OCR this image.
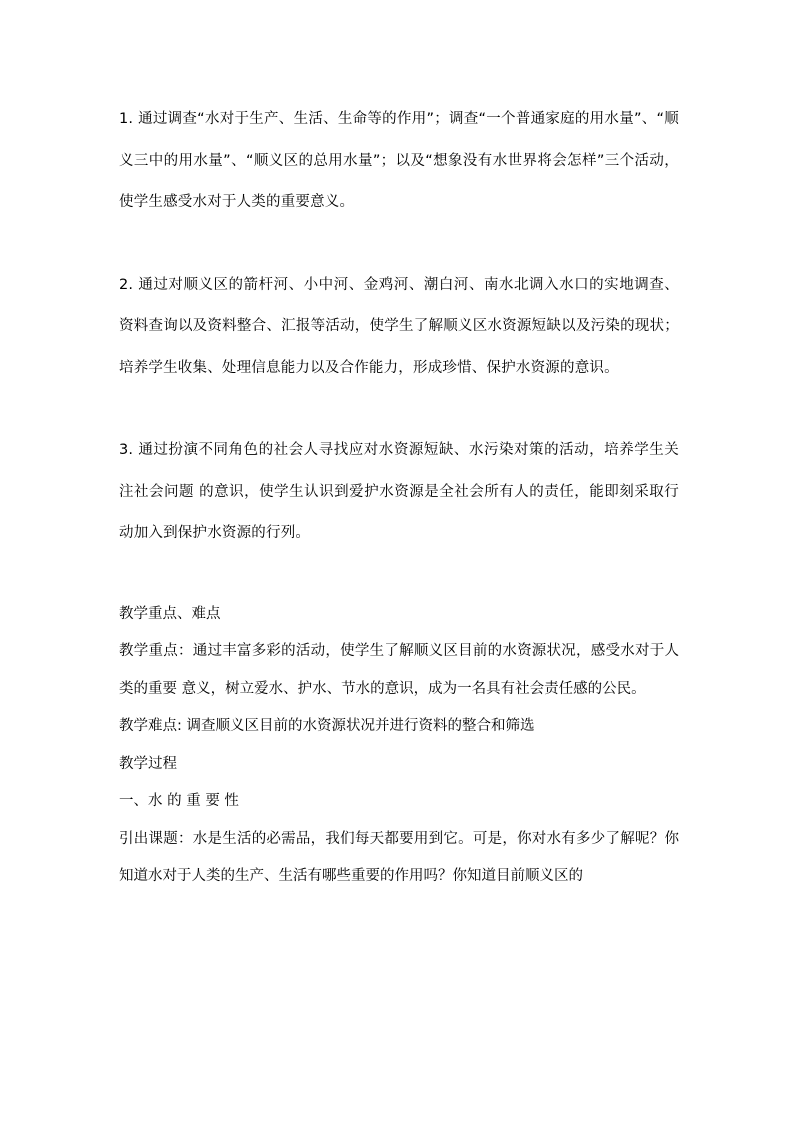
1. 通过调查“水对于生产、生活、生命等的作用”；调查“一个普通家庭的用水量”、“顺义三中的用水量”、“顺义区的总用水量”；以及“想象没有水世界将会怎样”三个活动，使学生感受水对于人类的重要意义。

2. 通过对顺义区的箭杆河、小中河、金鸡河、潮白河、南水北调入水口的实地调查、资料查询以及资料整合、汇报等活动，使学生了解顺义区水资源短缺以及污染的现状；培养学生收集、处理信息能力以及合作能力，形成珍惜、保护水资源的意识。

3. 通过扮演不同角色的社会人寻找应对水资源短缺、水污染对策的活动，培养学生关注社会问题 的意识，使学生认识到爱护水资源是全社会所有人的责任，能即刻采取行动加入到保护水资源的行列。

教学重点、难点

教学重点：通过丰富多彩的活动，使学生了解顺义区目前的水资源状况，感受水对于人类的重要 意义，树立爱水、护水、节水的意识，成为一名具有社会责任感的公民。

教学难点: 调查顺义区目前的水资源状况并进行资料的整合和筛选

教学过程

一、水 的 重 要 性

引出课题：水是生活的必需品，我们每天都要用到它。可是，你对水有多少了解呢？你知道水对于人类的生产、生活有哪些重要的作用吗？你知道目前顺义区的
